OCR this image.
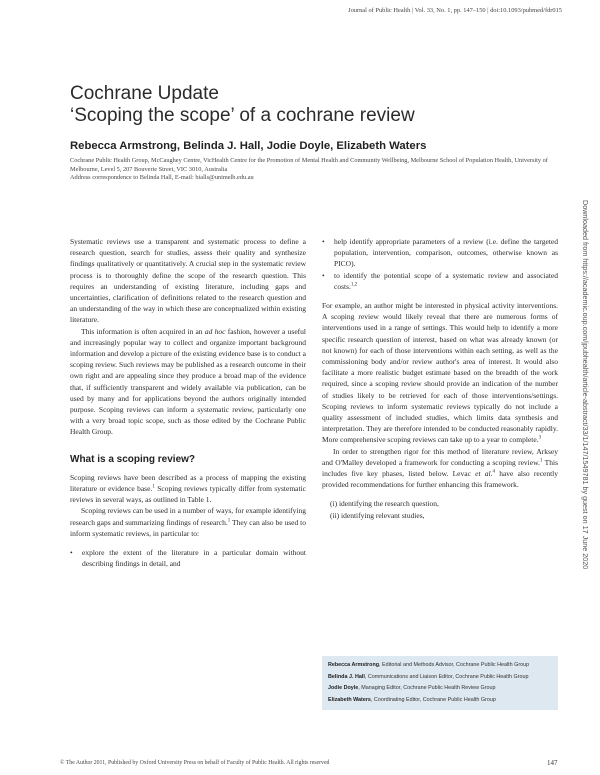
Journal of Public Health | Vol. 33, No. 1, pp. 147–150 | doi:10.1093/pubmed/fdr015
Cochrane Update
‘Scoping the scope’ of a cochrane review
Rebecca Armstrong, Belinda J. Hall, Jodie Doyle, Elizabeth Waters
Cochrane Public Health Group, McCaughey Centre, VicHealth Centre for the Promotion of Mental Health and Community Wellbeing, Melbourne School of Population Health, University of Melbourne, Level 5, 207 Bouverie Street, VIC 3010, Australia
Address correspondence to Belinda Hall, E-mail: bialls@unimelb.edu.au
Downloaded from https://academic.oup.com/jpubhealth/article-abstract/33/1/147/1549781 by guest on 17 June 2020

Systematic reviews use a transparent and systematic process to define a research question, search for studies, assess their quality and synthesize findings qualitatively or quantitatively. A crucial step in the systematic review process is to thoroughly define the scope of the research question. This requires an understanding of existing literature, including gaps and uncertainties, clarification of definitions related to the research question and an understanding of the way in which these are conceptualized within existing literature.

This information is often acquired in an ad hoc fashion, however a useful and increasingly popular way to collect and organize important background information and develop a picture of the existing evidence base is to conduct a scoping review. Such reviews may be published as a research outcome in their own right and are appealing since they produce a broad map of the evidence that, if sufficiently transparent and widely available via publication, can be used by many and for applications beyond the authors originally intended purpose. Scoping reviews can inform a systematic review, particularly one with a very broad topic scope, such as those edited by the Cochrane Public Health Group.

What is a scoping review?

Scoping reviews have been described as a process of mapping the existing literature or evidence base.$^1$ Scoping reviews typically differ from systematic reviews in several ways, as outlined in Table 1.

Scoping reviews can be used in a number of ways, for example identifying research gaps and summarizing findings of research.$^1$ They can also be used to inform systematic reviews, in particular to:

• explore the extent of the literature in a particular domain without describing findings in detail, and
• help identify appropriate parameters of a review (i.e. define the targeted population, intervention, comparison, outcomes, otherwise known as PICO).
• to identify the potential scope of a systematic review and associated costs.$^{1,2}$

For example, an author might be interested in physical activity interventions. A scoping review would likely reveal that there are numerous forms of interventions used in a range of settings. This would help to identify a more specific research question of interest, based on what was already known (or not known) for each of those interventions within each setting, as well as the commissioning body and/or review author's area of interest. It would also facilitate a more realistic budget estimate based on the breadth of the work required, since a scoping review should provide an indication of the number of studies likely to be retrieved for each of those interventions/settings. Scoping reviews to inform systematic reviews typically do not include a quality assessment of included studies, which limits data synthesis and interpretation. They are therefore intended to be conducted reasonably rapidly. More comprehensive scoping reviews can take up to a year to complete.$^3$

In order to strengthen rigor for this method of literature review, Arksey and O'Malley developed a framework for conducting a scoping review.$^1$ This includes five key phases, listed below. Levac et al.$^4$ have also recently provided recommendations for further enhancing this framework.

(i) identifying the research question,
(ii) identifying relevant studies,
Rebecca Armstrong, Editorial and Methods Advisor, Cochrane Public Health Group
Belinda J. Hall, Communications and Liaison Editor, Cochrane Public Health Group
Jodie Doyle, Managing Editor, Cochrane Public Health Review Group
Elizabeth Waters, Coordinating Editor, Cochrane Public Health Group
© The Author 2011, Published by Oxford University Press on behalf of Faculty of Public Health. All rights reserved	147
